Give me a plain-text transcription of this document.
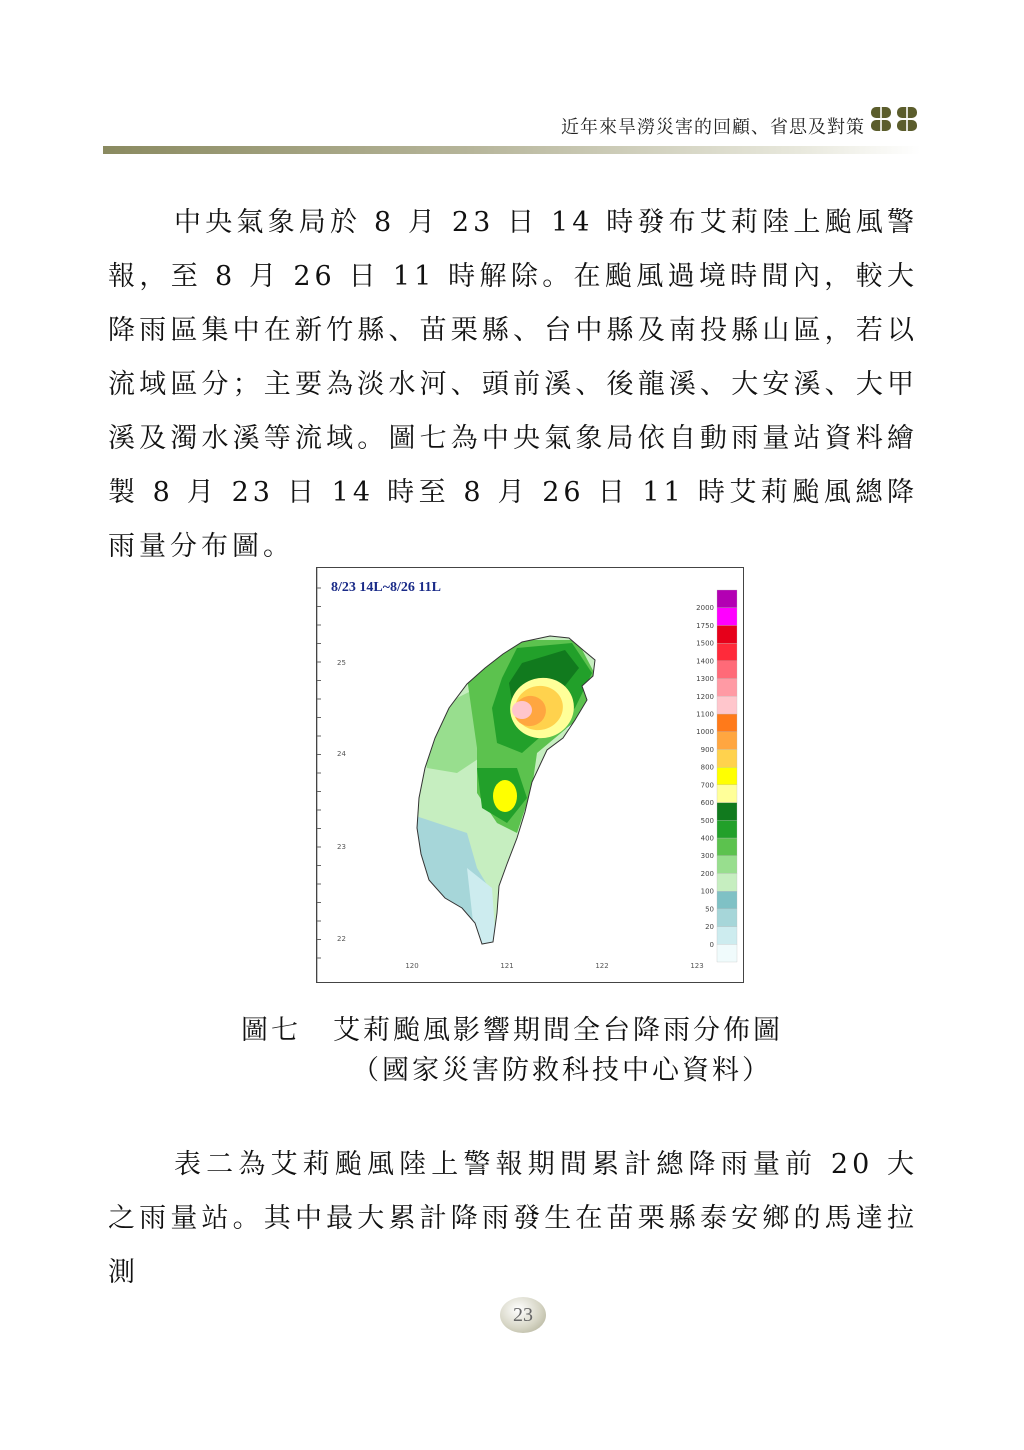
近年來旱澇災害的回顧、省思及對策

中央氣象局於 8 月 23 日 14 時發布艾莉陸上颱風警報，至 8 月 26 日 11 時解除。在颱風過境時間內，較大降雨區集中在新竹縣、苗栗縣、台中縣及南投縣山區，若以流域區分；主要為淡水河、頭前溪、後龍溪、大安溪、大甲溪及濁水溪等流域。圖七為中央氣象局依自動雨量站資料繪製 8 月 23 日 14 時至 8 月 26 日 11 時艾莉颱風總降雨量分布圖。

8/23 14L~8/26 11L
120	121	122	123
25
24
23
22
0
20
50
100
200
300
400
500
600
700
800
900
1000
1100
1200
1300
1400
1500
1750
2000

圖七 艾莉颱風影響期間全台降雨分佈圖

（國家災害防救科技中心資料）

表二為艾莉颱風陸上警報期間累計總降雨量前 20 大之雨量站。其中最大累計降雨發生在苗栗縣泰安鄉的馬達拉測

23
